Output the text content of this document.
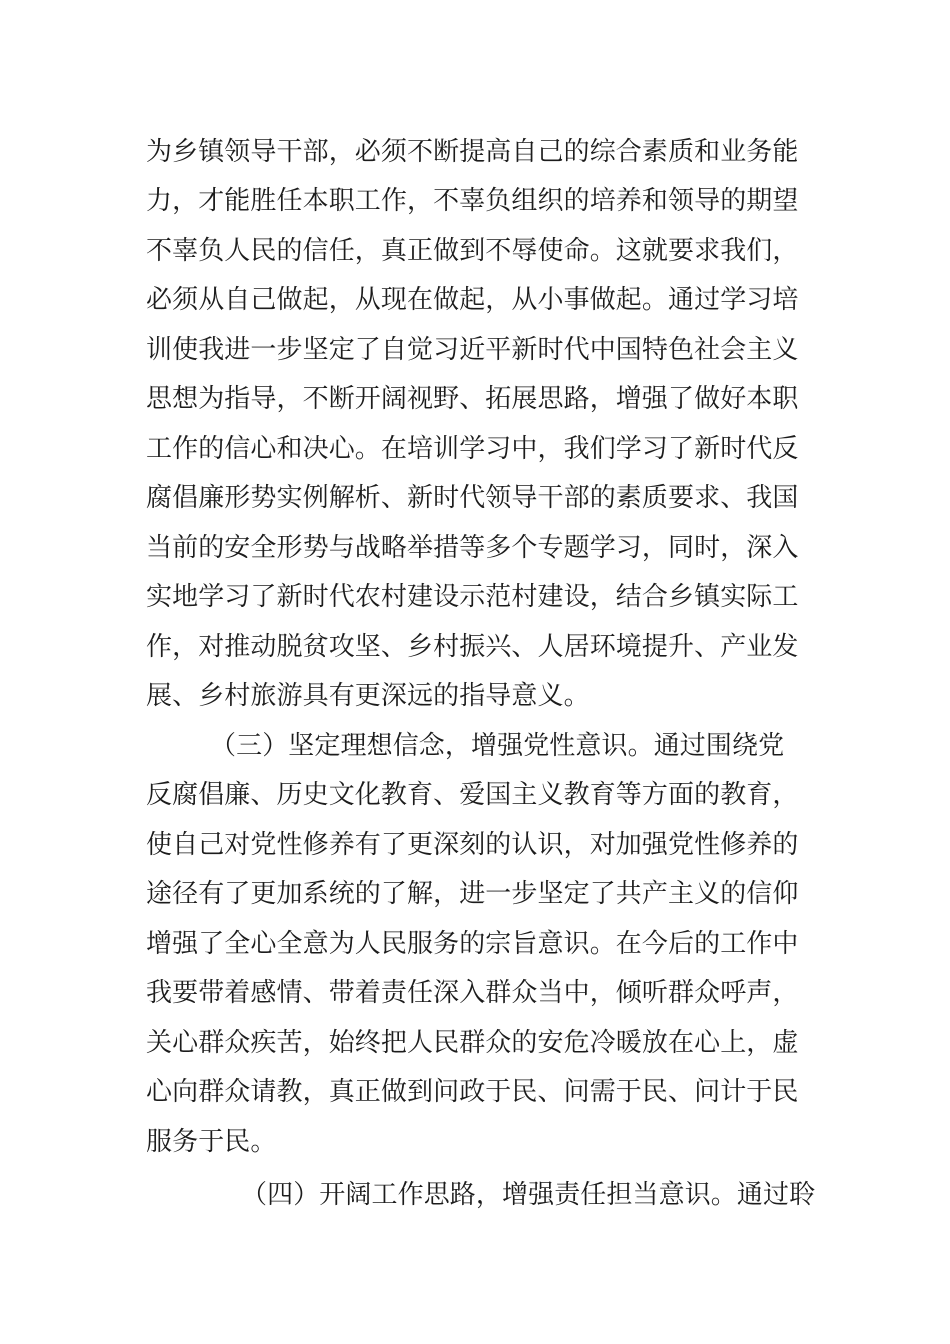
为乡镇领导干部，必须不断提高自己的综合素质和业务能
力，才能胜任本职工作，不辜负组织的培养和领导的期望
不辜负人民的信任，真正做到不辱使命。这就要求我们，
必须从自己做起，从现在做起，从小事做起。通过学习培
训使我进一步坚定了自觉习近平新时代中国特色社会主义
思想为指导，不断开阔视野、拓展思路，增强了做好本职
工作的信心和决心。在培训学习中，我们学习了新时代反
腐倡廉形势实例解析、新时代领导干部的素质要求、我国
当前的安全形势与战略举措等多个专题学习，同时，深入
实地学习了新时代农村建设示范村建设，结合乡镇实际工
作，对推动脱贫攻坚、乡村振兴、人居环境提升、产业发
展、乡村旅游具有更深远的指导意义。
（三）坚定理想信念，增强党性意识。通过围绕党
反腐倡廉、历史文化教育、爱国主义教育等方面的教育，
使自己对党性修养有了更深刻的认识，对加强党性修养的
途径有了更加系统的了解，进一步坚定了共产主义的信仰
增强了全心全意为人民服务的宗旨意识。在今后的工作中
我要带着感情、带着责任深入群众当中，倾听群众呼声，
关心群众疾苦，始终把人民群众的安危冷暖放在心上，虚
心向群众请教，真正做到问政于民、问需于民、问计于民
服务于民。
（四）开阔工作思路，增强责任担当意识。通过聆
